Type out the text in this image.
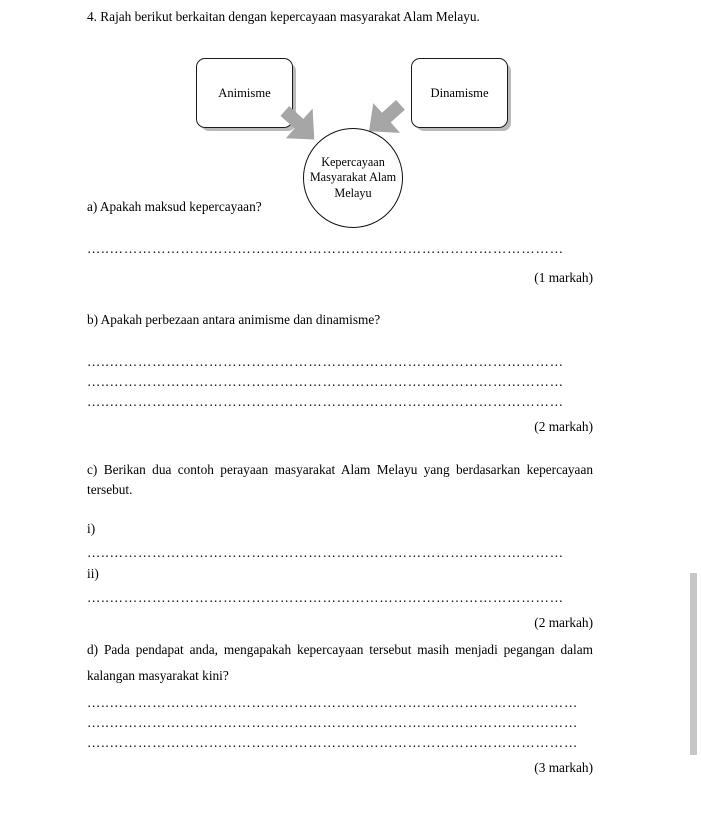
4. Rajah berikut berkaitan dengan kepercayaan masyarakat Alam Melayu.

Animisme	Dinamisme
Kepercayaan
Masyarakat Alam
Melayu

a) Apakah maksud kepercayaan?

…..……………………………………………………………………………………

(1 markah)

b) Apakah perbezaan antara animisme dan dinamisme?

…..……………………………………………………………………………………

…..……………………………………………………………………………………

…..……………………………………………………………………………………

(2 markah)

c) Berikan dua contoh perayaan masyarakat Alam Melayu yang berdasarkan kepercayaan tersebut.

i)

…..……………………………………………………………………………………

ii)

…..……………………………………………………………………………………

(2 markah)

d) Pada pendapat anda, mengapakah kepercayaan tersebut masih menjadi pegangan dalam kalangan masyarakat kini?

…..………………………………………………………………………………………

…..………………………………………………………………………………………

…..………………………………………………………………………………………

(3 markah)
